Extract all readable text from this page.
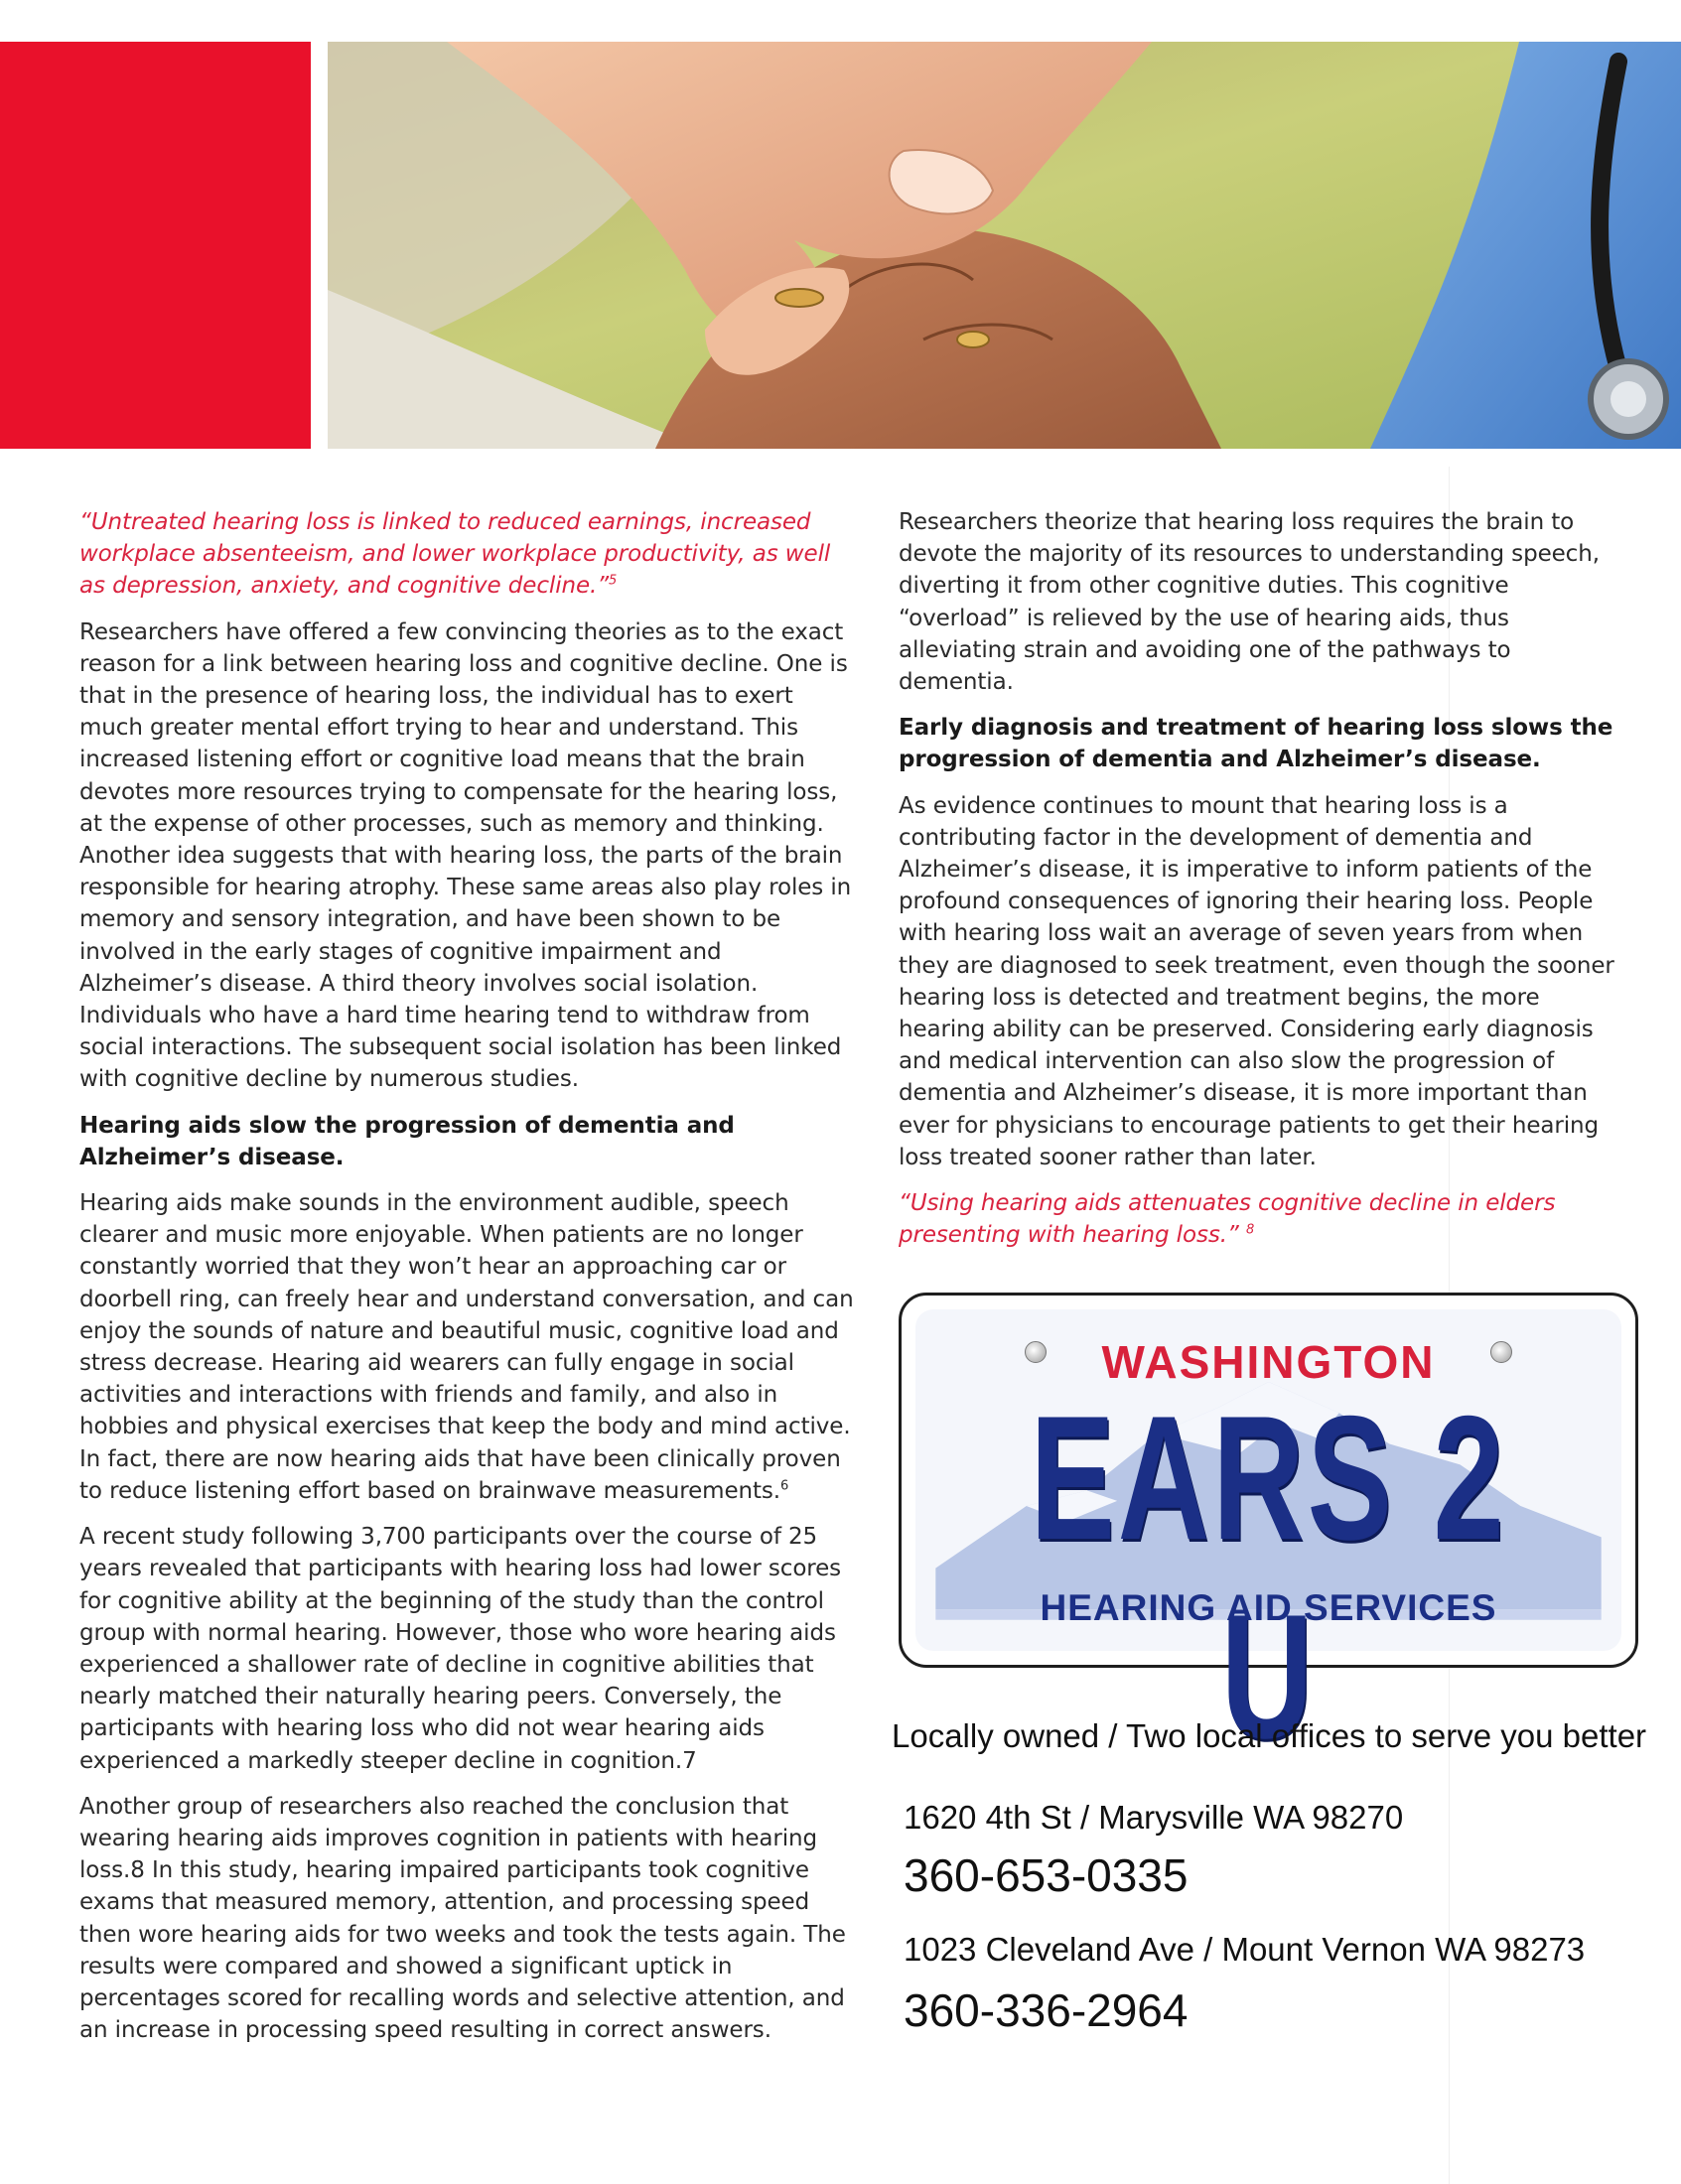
“Untreated hearing loss is linked to reduced earnings, increased workplace absenteeism, and lower workplace productivity, as well as depression, anxiety, and cognitive decline.”$^5$

Researchers have offered a few convincing theories as to the exact reason for a link between hearing loss and cognitive decline. One is that in the presence of hearing loss, the individual has to exert much greater mental effort trying to hear and understand. This increased listening effort or cognitive load means that the brain devotes more resources trying to compensate for the hearing loss, at the expense of other processes, such as memory and thinking. Another idea suggests that with hearing loss, the parts of the brain responsible for hearing atrophy. These same areas also play roles in memory and sensory integration, and have been shown to be involved in the early stages of cognitive impairment and Alzheimer’s disease. A third theory involves social isolation. Individuals who have a hard time hearing tend to withdraw from social interactions. The subsequent social isolation has been linked with cognitive decline by numerous studies.

Hearing aids slow the progression of dementia and Alzheimer’s disease.

Hearing aids make sounds in the environment audible, speech clearer and music more enjoyable. When patients are no longer constantly worried that they won’t hear an approaching car or doorbell ring, can freely hear and understand conversation, and can enjoy the sounds of nature and beautiful music, cognitive load and stress decrease. Hearing aid wearers can fully engage in social activities and interactions with friends and family, and also in hobbies and physical exercises that keep the body and mind active. In fact, there are now hearing aids that have been clinically proven to reduce listening effort based on brainwave measurements.$^6$

A recent study following 3,700 participants over the course of 25 years revealed that participants with hearing loss had lower scores for cognitive ability at the beginning of the study than the control group with normal hearing. However, those who wore hearing aids experienced a shallower rate of decline in cognitive abilities that nearly matched their naturally hearing peers. Conversely, the participants with hearing loss who did not wear hearing aids experienced a markedly steeper decline in cognition.7

Another group of researchers also reached the conclusion that wearing hearing aids improves cognition in patients with hearing loss.8 In this study, hearing impaired participants took cognitive exams that measured memory, attention, and processing speed then wore hearing aids for two weeks and took the tests again. The results were compared and showed a significant uptick in percentages scored for recalling words and selective attention, and an increase in processing speed resulting in correct answers.

Researchers theorize that hearing loss requires the brain to devote the majority of its resources to understanding speech, diverting it from other cognitive duties. This cognitive “overload” is relieved by the use of hearing aids, thus alleviating strain and avoiding one of the pathways to dementia.

Early diagnosis and treatment of hearing loss slows the progression of dementia and Alzheimer’s disease.

As evidence continues to mount that hearing loss is a contributing factor in the development of dementia and Alzheimer’s disease, it is imperative to inform patients of the profound consequences of ignoring their hearing loss. People with hearing loss wait an average of seven years from when they are diagnosed to seek treatment, even though the sooner hearing loss is detected and treatment begins, the more hearing ability can be preserved. Considering early diagnosis and medical intervention can also slow the progression of dementia and Alzheimer’s disease, it is more important than ever for physicians to encourage patients to get their hearing loss treated sooner rather than later.

“Using hearing aids attenuates cognitive decline in elders presenting with hearing loss.” $^8$

WASHINGTON
EARS 2 U
HEARING AID SERVICES
Locally owned / Two local offices to serve you better
1620 4th St / Marysville WA 98270
360-653-0335
1023 Cleveland Ave / Mount Vernon WA 98273
360-336-2964
